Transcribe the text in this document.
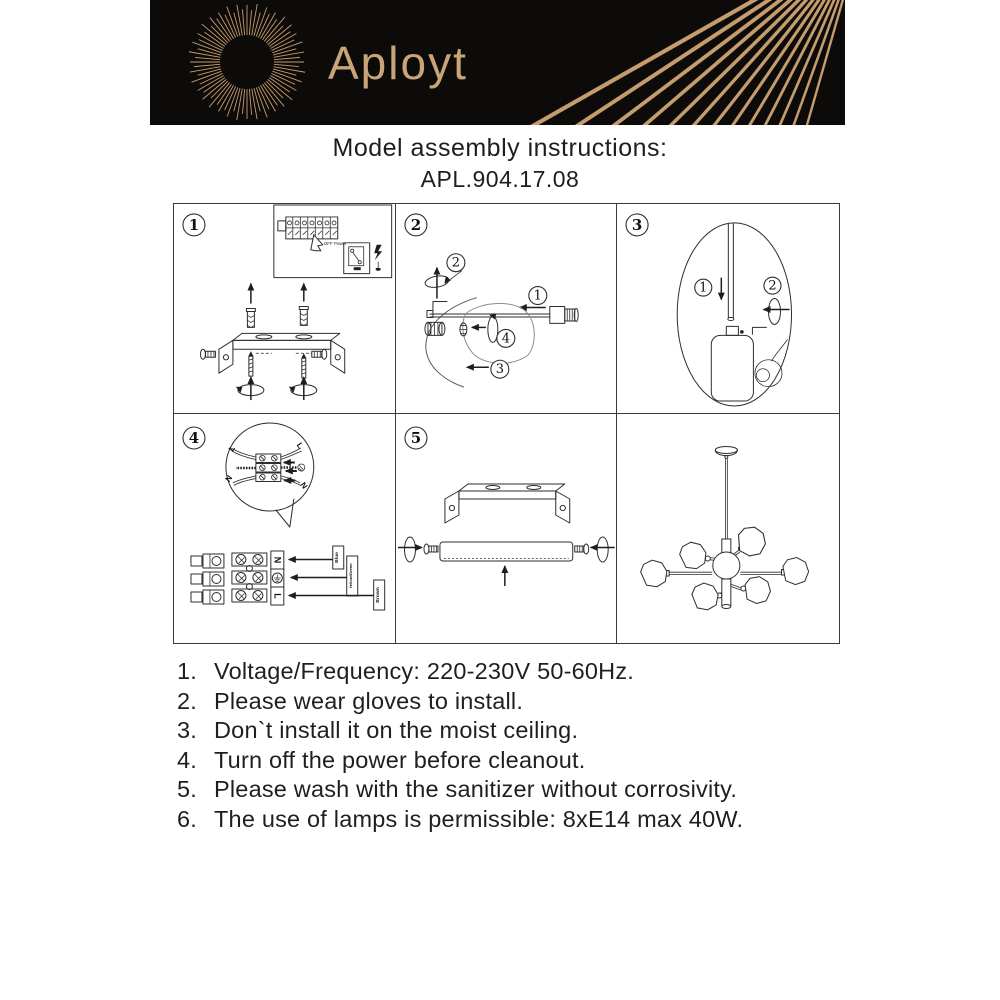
Aployt
Model assembly instructions:
APL.904.17.08
1
OFF Power
2
2
1
4
3
3
1	2
4
L	L
N
N
N
L
Blue
Yellow/Green
Brown
5
1. Voltage/Frequency: 220-230V 50-60Hz.
2. Please wear gloves to install.
3. Don`t install it on the moist ceiling.
4. Turn off the power before cleanout.
5. Please wash with the sanitizer without corrosivity.
6. The use of lamps is permissible: 8xE14 max 40W.
